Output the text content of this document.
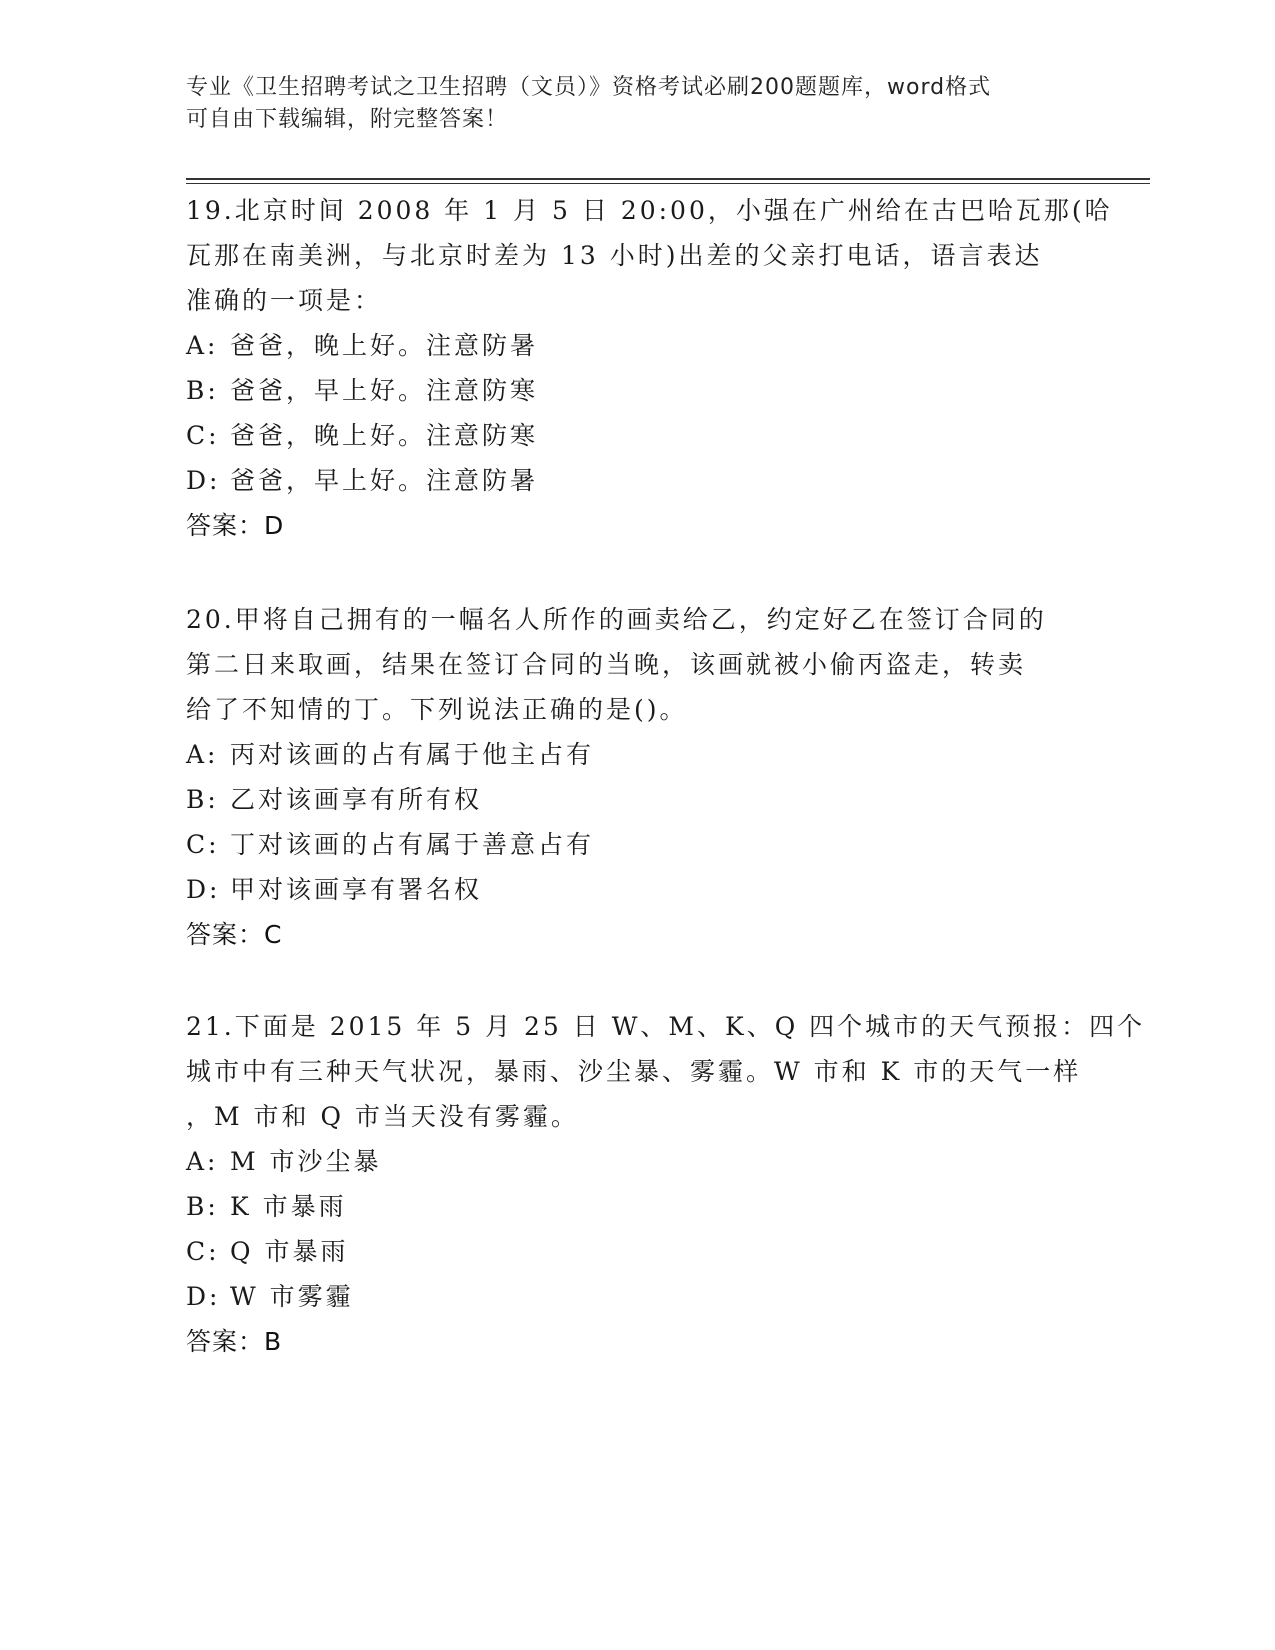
专业《卫生招聘考试之卫生招聘（文员）》资格考试必刷200题题库，word格式
可自由下载编辑，附完整答案！
19.北京时间 2008 年 1 月 5 日 20:00，小强在广州给在古巴哈瓦那(哈
瓦那在南美洲，与北京时差为 13 小时)出差的父亲打电话，语言表达
准确的一项是：
A: 爸爸，晚上好。注意防暑
B: 爸爸，早上好。注意防寒
C: 爸爸，晚上好。注意防寒
D: 爸爸，早上好。注意防暑
答案：D
20.甲将自己拥有的一幅名人所作的画卖给乙，约定好乙在签订合同的
第二日来取画，结果在签订合同的当晚，该画就被小偷丙盗走，转卖
给了不知情的丁。下列说法正确的是()。
A: 丙对该画的占有属于他主占有
B: 乙对该画享有所有权
C: 丁对该画的占有属于善意占有
D: 甲对该画享有署名权
答案：C
21.下面是 2015 年 5 月 25 日 W、M、K、Q 四个城市的天气预报：四个
城市中有三种天气状况，暴雨、沙尘暴、雾霾。W 市和 K 市的天气一样
，M 市和 Q 市当天没有雾霾。
A: M 市沙尘暴
B: K 市暴雨
C: Q 市暴雨
D: W 市雾霾
答案：B
